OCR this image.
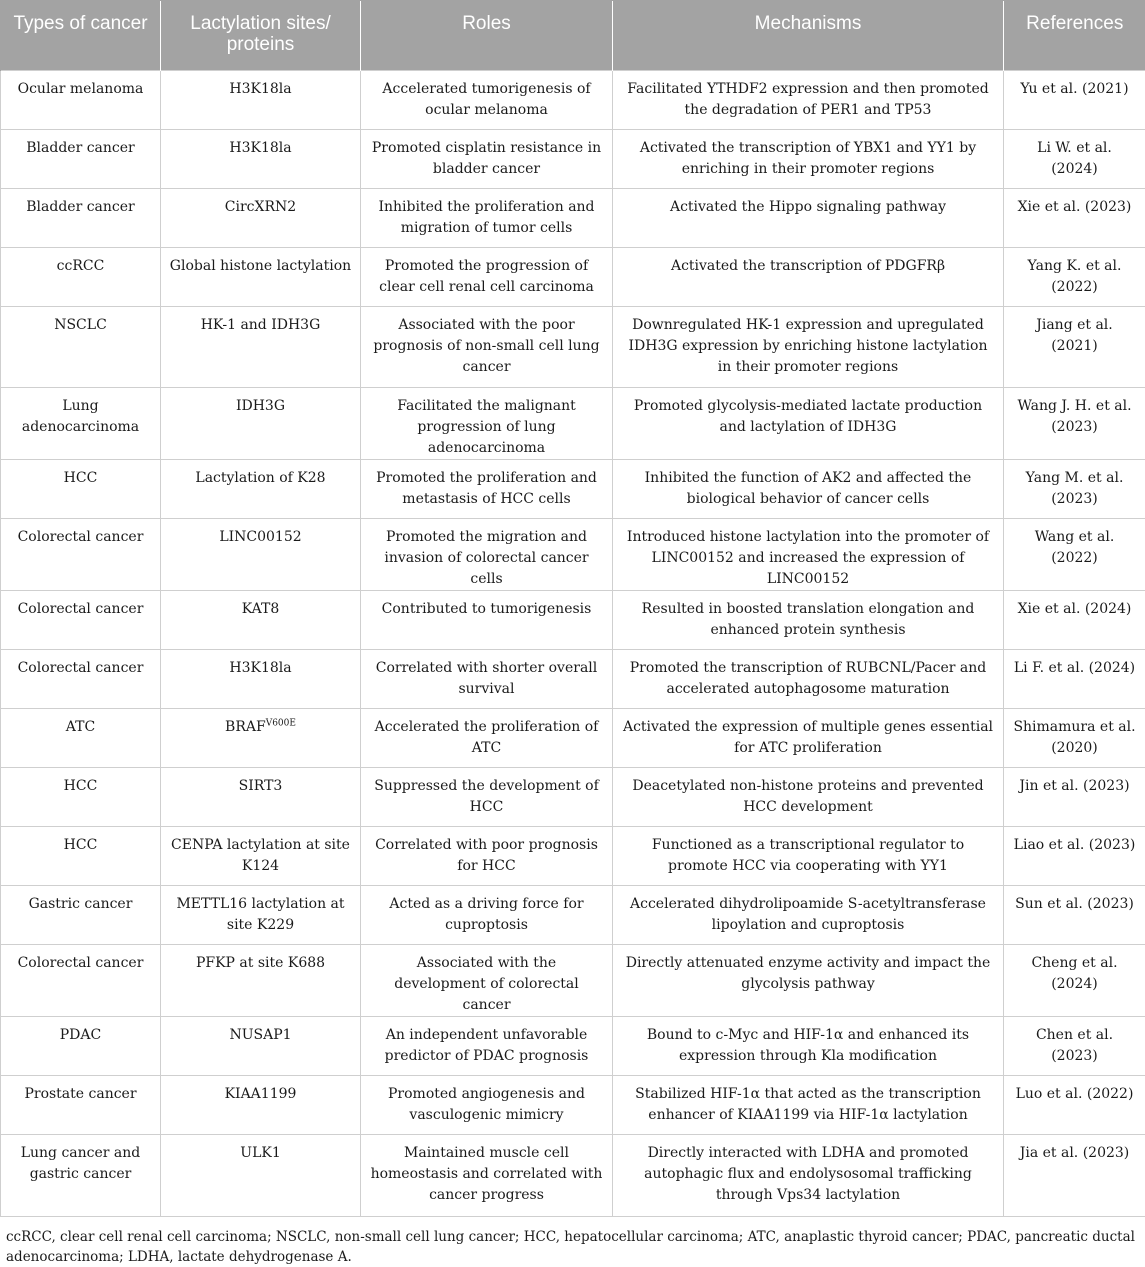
Types of cancer	Lactylation sites/ proteins	Roles	Mechanisms	References

Ocular melanoma	H3K18la	Accelerated tumorigenesis of ocular melanoma	Facilitated YTHDF2 expression and then promoted the degradation of PER1 and TP53	Yu et al. (2021)
Bladder cancer	H3K18la	Promoted cisplatin resistance in bladder cancer	Activated the transcription of YBX1 and YY1 by enriching in their promoter regions	Li W. et al. (2024)
Bladder cancer	CircXRN2	Inhibited the proliferation and migration of tumor cells	Activated the Hippo signaling pathway	Xie et al. (2023)
ccRCC	Global histone lactylation	Promoted the progression of clear cell renal cell carcinoma	Activated the transcription of PDGFRβ	Yang K. et al. (2022)
NSCLC	HK-1 and IDH3G	Associated with the poor prognosis of non-small cell lung cancer	Downregulated HK-1 expression and upregulated IDH3G expression by enriching histone lactylation in their promoter regions	Jiang et al. (2021)
Lung adenocarcinoma	IDH3G	Facilitated the malignant progression of lung adenocarcinoma	Promoted glycolysis-mediated lactate production and lactylation of IDH3G	Wang J. H. et al. (2023)
HCC	Lactylation of K28	Promoted the proliferation and metastasis of HCC cells	Inhibited the function of AK2 and affected the biological behavior of cancer cells	Yang M. et al. (2023)
Colorectal cancer	LINC00152	Promoted the migration and invasion of colorectal cancer cells	Introduced histone lactylation into the promoter of LINC00152 and increased the expression of LINC00152	Wang et al. (2022)
Colorectal cancer	KAT8	Contributed to tumorigenesis	Resulted in boosted translation elongation and enhanced protein synthesis	Xie et al. (2024)
Colorectal cancer	H3K18la	Correlated with shorter overall survival	Promoted the transcription of RUBCNL/Pacer and accelerated autophagosome maturation	Li F. et al. (2024)
ATC	$BRAF^{V600E}$	Accelerated the proliferation of ATC	Activated the expression of multiple genes essential for ATC proliferation	Shimamura et al. (2020)
HCC	SIRT3	Suppressed the development of HCC	Deacetylated non-histone proteins and prevented HCC development	Jin et al. (2023)
HCC	CENPA lactylation at site K124	Correlated with poor prognosis for HCC	Functioned as a transcriptional regulator to promote HCC via cooperating with YY1	Liao et al. (2023)
Gastric cancer	METTL16 lactylation at site K229	Acted as a driving force for cuproptosis	Accelerated dihydrolipoamide S-acetyltransferase lipoylation and cuproptosis	Sun et al. (2023)
Colorectal cancer	PFKP at site K688	Associated with the development of colorectal cancer	Directly attenuated enzyme activity and impact the glycolysis pathway	Cheng et al. (2024)
PDAC	NUSAP1	An independent unfavorable predictor of PDAC prognosis	Bound to c-Myc and HIF-1α and enhanced its expression through Kla modification	Chen et al. (2023)
Prostate cancer	KIAA1199	Promoted angiogenesis and vasculogenic mimicry	Stabilized HIF-1α that acted as the transcription enhancer of KIAA1199 via HIF-1α lactylation	Luo et al. (2022)
Lung cancer and gastric cancer	ULK1	Maintained muscle cell homeostasis and correlated with cancer progress	Directly interacted with LDHA and promoted autophagic flux and endolysosomal trafficking through Vps34 lactylation	Jia et al. (2023)
ccRCC, clear cell renal cell carcinoma; NSCLC, non-small cell lung cancer; HCC, hepatocellular carcinoma; ATC, anaplastic thyroid cancer; PDAC, pancreatic ductal adenocarcinoma; LDHA, lactate dehydrogenase A.
